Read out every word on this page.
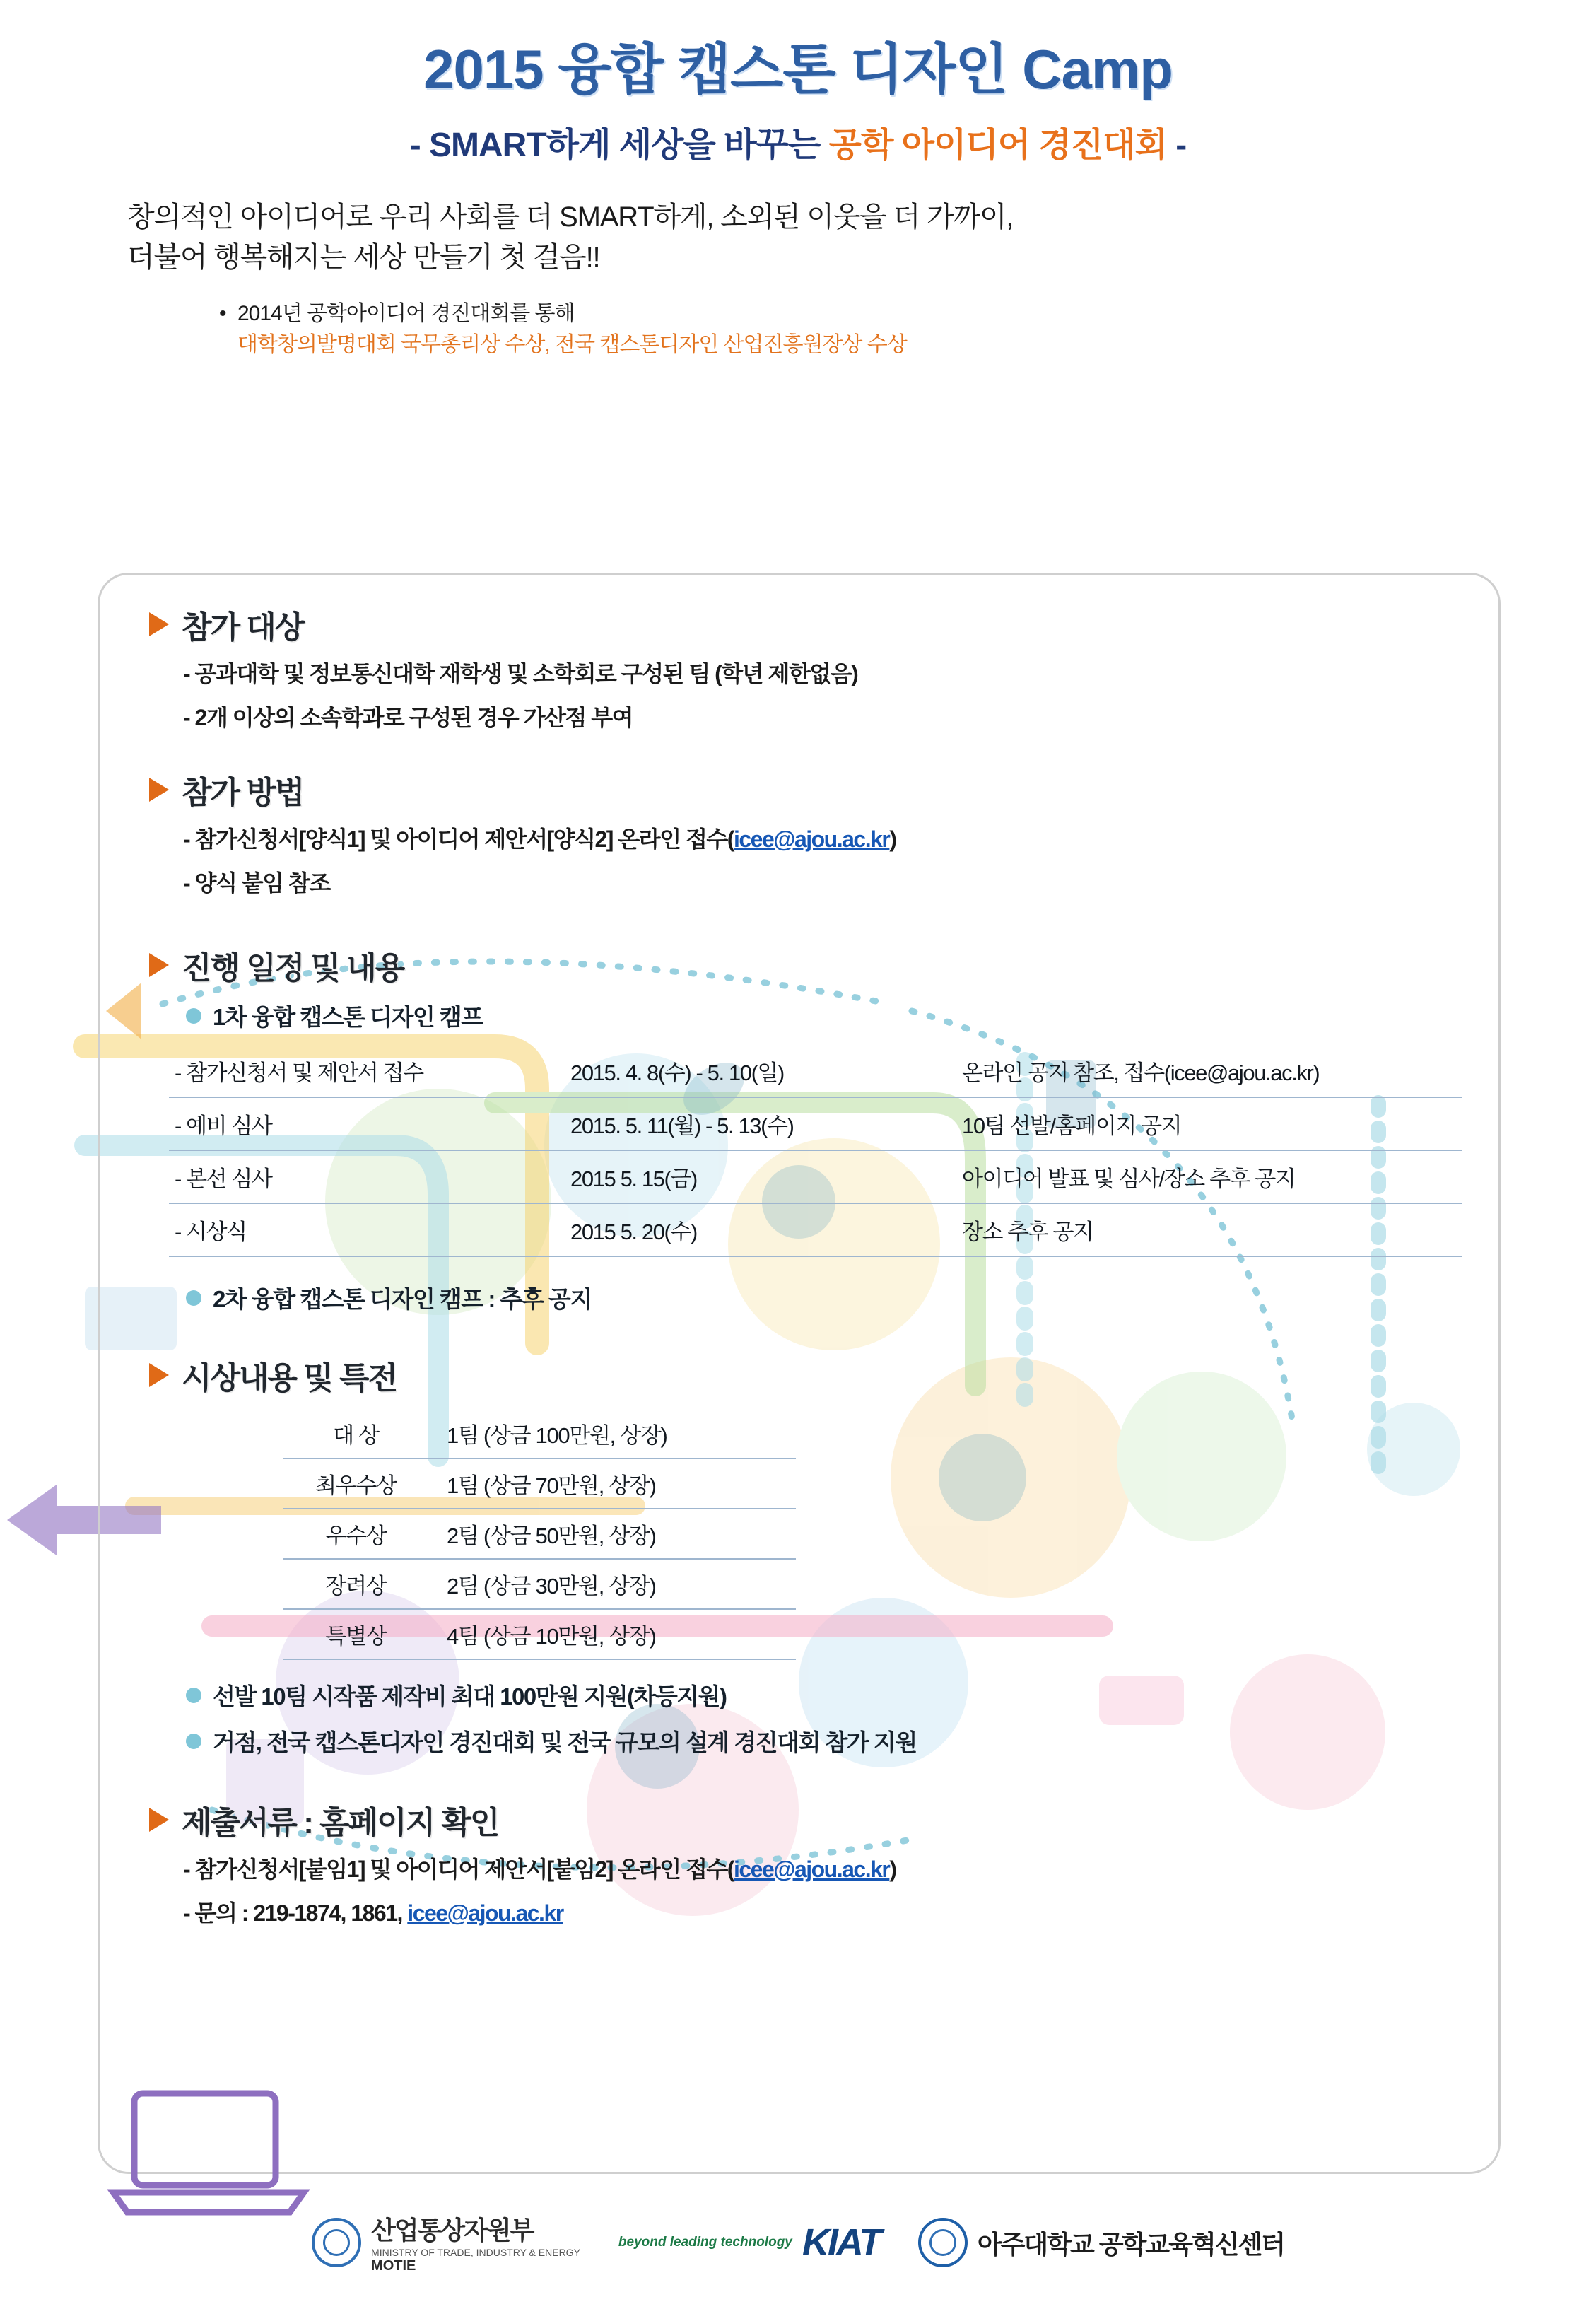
2015 융합 캡스톤 디자인 Camp
- SMART하게 세상을 바꾸는 공학 아이디어 경진대회 -
창의적인 아이디어로 우리 사회를 더 SMART하게, 소외된 이웃을 더 가까이,
더불어 행복해지는 세상 만들기 첫 걸음!!
• 2014년 공학아이디어 경진대회를 통해
대학창의발명대회 국무총리상 수상, 전국 캡스톤디자인 산업진흥원장상 수상
참가 대상
- 공과대학 및 정보통신대학 재학생 및 소학회로 구성된 팀 (학년 제한없음)
- 2개 이상의 소속학과로 구성된 경우 가산점 부여
참가 방법
- 참가신청서[양식1] 및 아이디어 제안서[양식2] 온라인 접수(icee@ajou.ac.kr)
- 양식 붙임 참조
진행 일정 및 내용
1차 융합 캡스톤 디자인 캠프
- 참가신청서 및 제안서 접수	2015. 4. 8(수) - 5. 10(일)	온라인 공지 참조, 접수(icee@ajou.ac.kr)
- 예비 심사	2015. 5. 11(월) - 5. 13(수)	10팀 선발/홈페이지 공지
- 본선 심사	2015 5. 15(금)	아이디어 발표 및 심사/장소 추후 공지
- 시상식	2015 5. 20(수)	장소 추후 공지
2차 융합 캡스톤 디자인 캠프 : 추후 공지
시상내용 및 특전
대 상	1팀 (상금 100만원, 상장)
최우수상	1팀 (상금 70만원, 상장)
우수상	2팀 (상금 50만원, 상장)
장려상	2팀 (상금 30만원, 상장)
특별상	4팀 (상금 10만원, 상장)
선발 10팀 시작품 제작비 최대 100만원 지원(차등지원)
거점, 전국 캡스톤디자인 경진대회 및 전국 규모의 설계 경진대회 참가 지원
제출서류 : 홈페이지 확인
- 참가신청서[붙임1] 및 아이디어 제안서[붙임2] 온라인 접수(icee@ajou.ac.kr)
- 문의 : 219-1874, 1861, icee@ajou.ac.kr
산업통상자원부
MINISTRY OF TRADE, INDUSTRY & ENERGY
MOTIE
beyond leading technology KIAT	아주대학교 공학교육혁신센터
